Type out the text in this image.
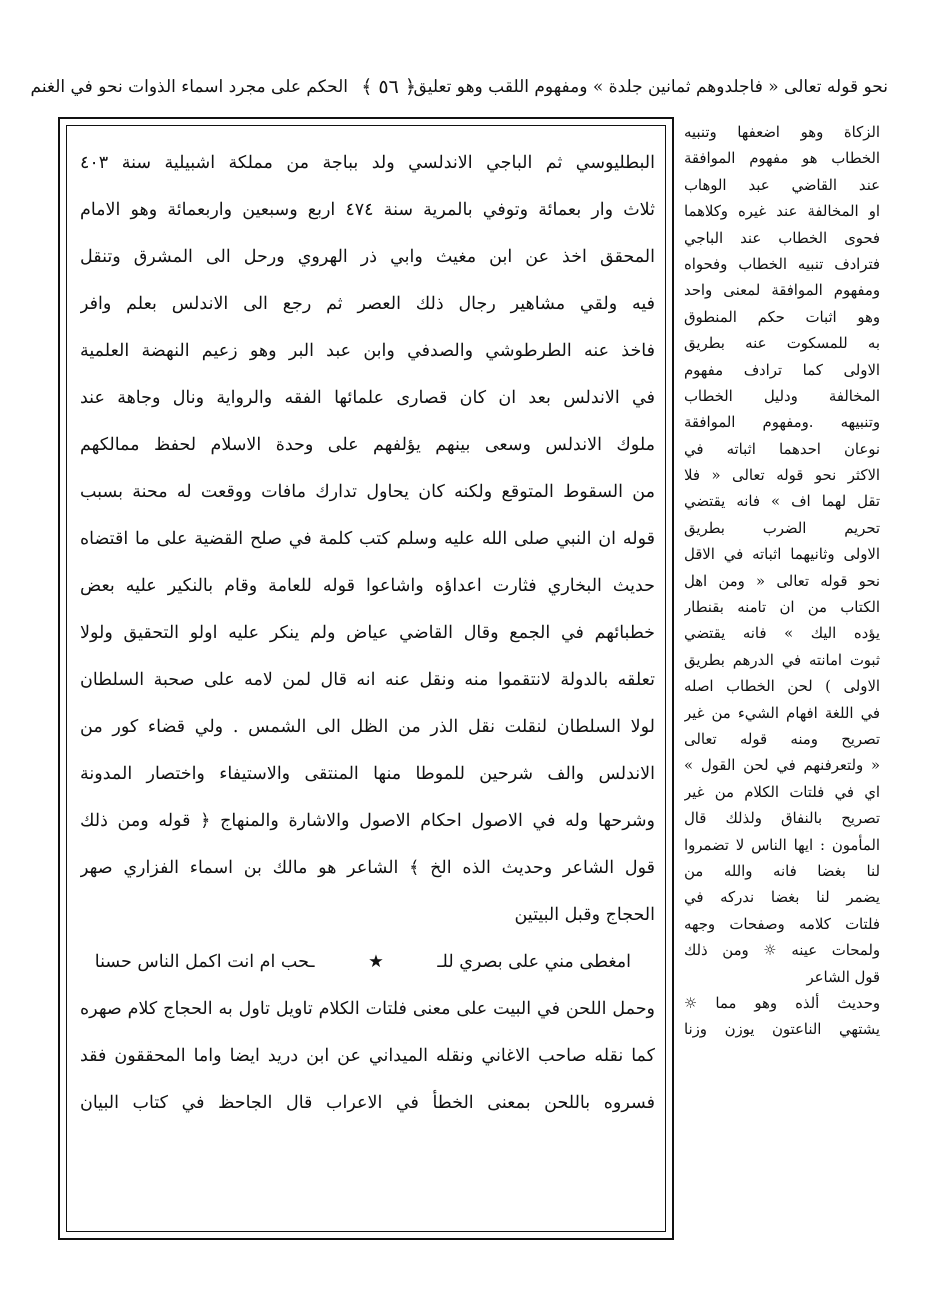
نحو قوله تعالى « فاجلدوهم ثمانين جلدة » ومفهوم اللقب وهو تعليق
﴿ ٥٦ ﴾
الحكم على مجرد اسماء الذوات نحو في الغنم

البطليوسي ثم الباجي الاندلسي ولد بباجة من مملكة اشبيلية سنة ٤٠٣

ثلاث وار بعمائة وتوفي بالمرية سنة ٤٧٤ اربع وسبعين واربعمائة وهو الامام

المحقق اخذ عن ابن مغيث وابي ذر الهروي ورحل الى المشرق وتنقل

فيه ولقي مشاهير رجال ذلك العصر ثم رجع الى الاندلس بعلم وافر

فاخذ عنه الطرطوشي والصدفي وابن عبد البر وهو زعيم النهضة العلمية

في الاندلس بعد ان كان قصارى علمائها الفقه والرواية ونال وجاهة عند

ملوك الاندلس وسعى بينهم يؤلفهم على وحدة الاسلام لحفظ ممالكهم

من السقوط المتوقع ولكنه كان يحاول تدارك مافات ووقعت له محنة بسبب

قوله ان النبي صلى الله عليه وسلم كتب كلمة في صلح القضية على ما اقتضاه

حديث البخاري فثارت اعداؤه واشاعوا قوله للعامة وقام بالنكير عليه بعض

خطبائهم في الجمع وقال القاضي عياض ولم ينكر عليه اولو التحقيق ولولا

تعلقه بالدولة لانتقموا منه ونقل عنه انه قال لمن لامه على صحبة السلطان

لولا السلطان لنقلت نقل الذر من الظل الى الشمس . ولي قضاء كور من

الاندلس والف شرحين للموطا منها المنتقى والاستيفاء واختصار المدونة

وشرحها وله في الاصول احكام الاصول والاشارة والمنهاج ﴿ قوله ومن ذلك

قول الشاعر وحديث الذه الخ ﴾ الشاعر هو مالك بن اسماء الفزاري صهر

الحجاج وقبل البيتين

امغطى مني على بصري للـ ★ ـحب ام انت اكمل الناس حسنا

وحمل اللحن في البيت على معنى فلتات الكلام تاويل تاول به الحجاج كلام صهره

كما نقله صاحب الاغاني ونقله الميداني عن ابن دريد ايضا واما المحققون فقد

فسروه باللحن بمعنى الخطأ في الاعراب قال الجاحظ في كتاب البيان

الزكاة وهو اضعفها وتنبيه

الخطاب هو مفهوم الموافقة

عند القاضي عبد الوهاب

او المخالفة عند غيره وكلاهما

فحوى الخطاب عند الباجي

فترادف تنبيه الخطاب وفحواه

ومفهوم الموافقة لمعنى واحد

وهو اثبات حكم المنطوق

به للمسكوت عنه بطريق

الاولى كما ترادف مفهوم

المخالفة ودليل الخطاب

وتنبيهه .ومفهوم الموافقة

نوعان احدهما اثباته في

الاكثر نحو قوله تعالى « فلا

تقل لهما اف » فانه يقتضي

تحريم الضرب بطريق

الاولى وثانيهما اثباته في الاقل

نحو قوله تعالى « ومن اهل

الكتاب من ان تامنه بقنطار

يؤده اليك » فانه يقتضي

ثبوت امانته في الدرهم بطريق

الاولى ) لحن الخطاب اصله

في اللغة افهام الشيء من غير

تصريح ومنه قوله تعالى

« ولتعرفنهم في لحن القول »

اي في فلتات الكلام من غير

تصريح بالنفاق ولذلك قال

المأمون : ايها الناس لا تضمروا

لنا بغضا فانه والله من

يضمر لنا بغضا ندركه في

فلتات كلامه وصفحات وجهه

ولمحات عينه ☼ ومن ذلك

قول الشاعر

وحديث ألذه وهو مما ☼

يشتهي الناعتون يوزن وزنا
